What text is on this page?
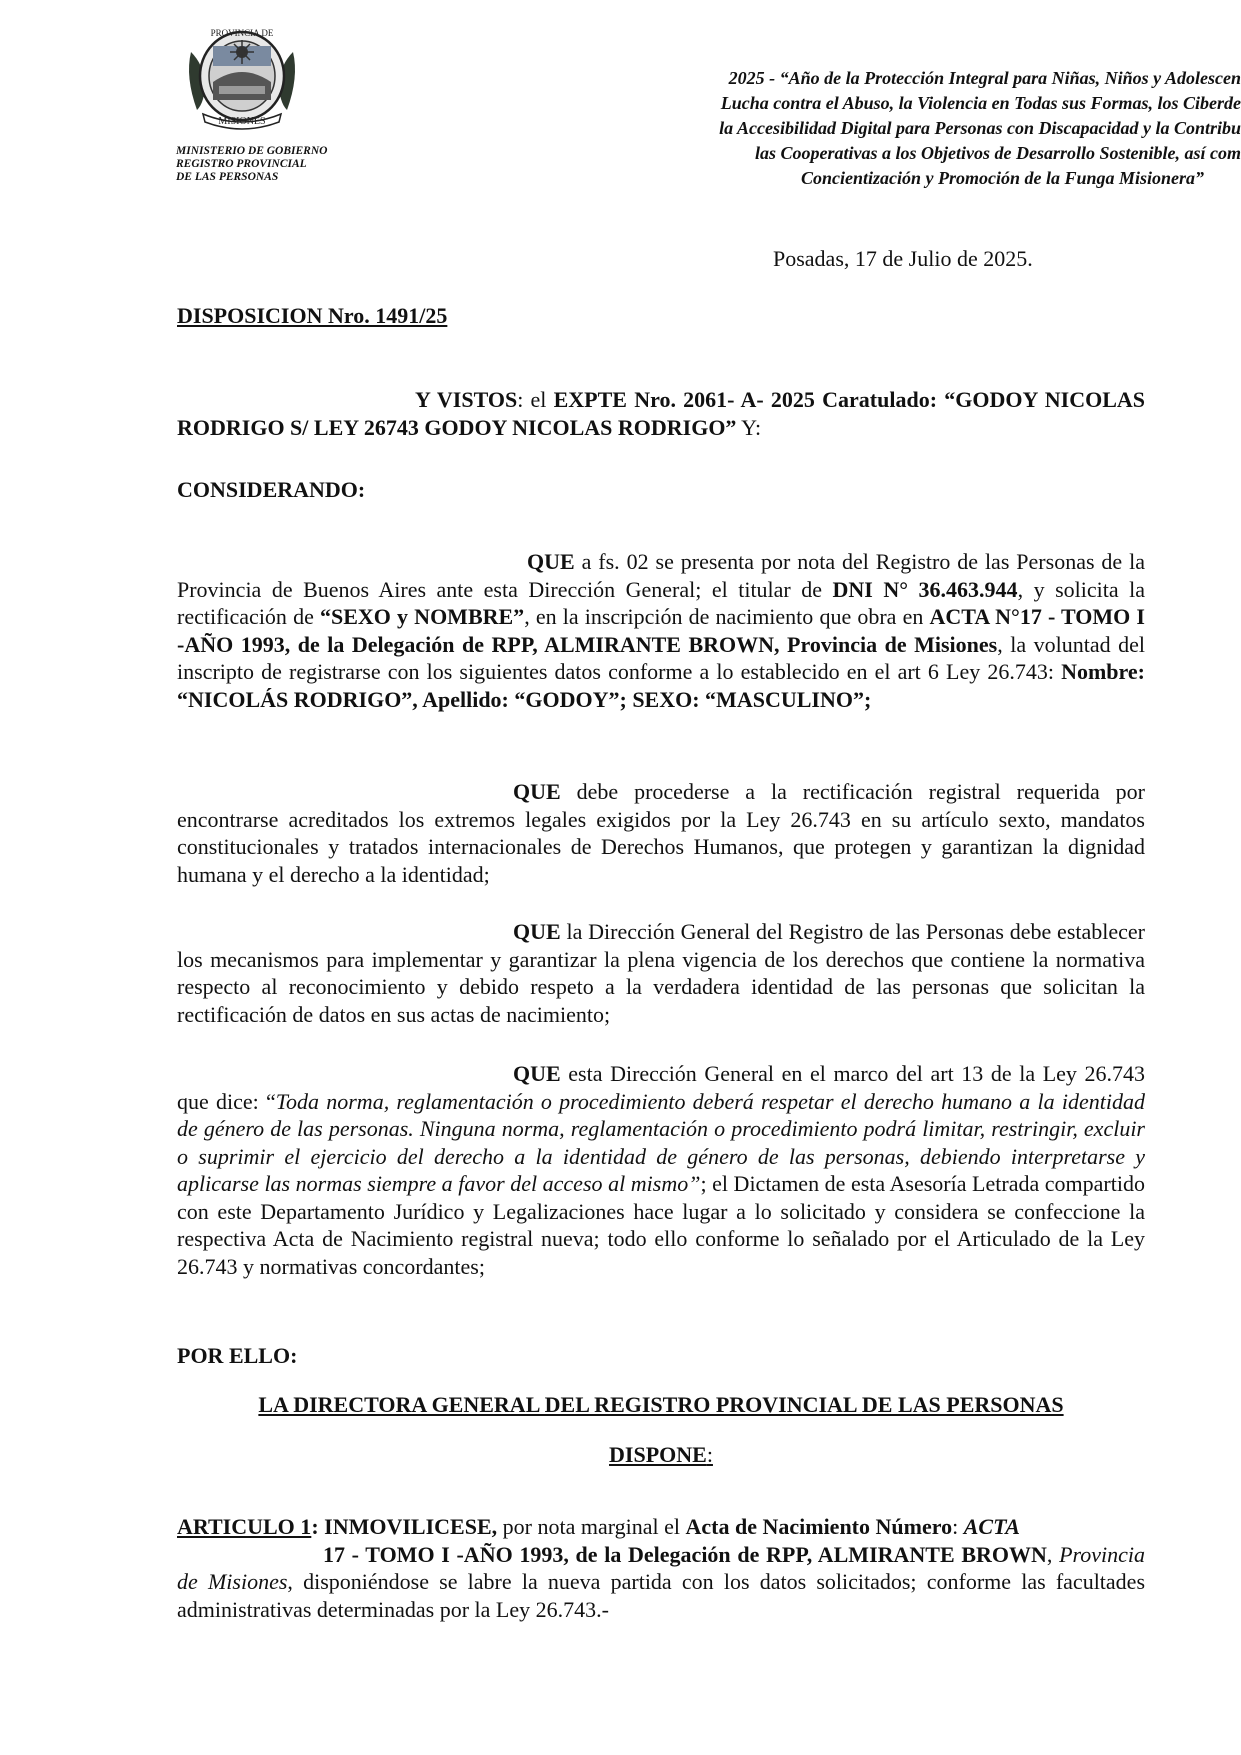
PROVINCIA DE
MISIONES
MINISTERIO DE GOBIERNO
REGISTRO PROVINCIAL
DE LAS PERSONAS
2025 - “Año de la Protección Integral para Niñas, Niños y Adolescen
Lucha contra el Abuso, la Violencia en Todas sus Formas, los Ciberde
la Accesibilidad Digital para Personas con Discapacidad y la Contribu
las Cooperativas a los Objetivos de Desarrollo Sostenible, así com
Concientización y Promoción de la Funga Misionera”
Posadas, 17 de Julio de 2025.
DISPOSICION Nro. 1491/25

Y VISTOS: el EXPTE Nro. 2061- A- 2025 Caratulado: “GODOY NICOLAS RODRIGO S/ LEY 26743 GODOY NICOLAS RODRIGO” Y:

CONSIDERANDO:

QUE a fs. 02 se presenta por nota del Registro de las Personas de la Provincia de Buenos Aires ante esta Dirección General; el titular de DNI N° 36.463.944, y solicita la rectificación de “SEXO y NOMBRE”, en la inscripción de nacimiento que obra en ACTA N°17 - TOMO I -AÑO 1993, de la Delegación de RPP, ALMIRANTE BROWN, Provincia de Misiones, la voluntad del inscripto de registrarse con los siguientes datos conforme a lo establecido en el art 6 Ley 26.743: Nombre: “NICOLÁS RODRIGO”, Apellido: “GODOY”; SEXO: “MASCULINO”;

QUE debe procederse a la rectificación registral requerida por encontrarse acreditados los extremos legales exigidos por la Ley 26.743 en su artículo sexto, mandatos constitucionales y tratados internacionales de Derechos Humanos, que protegen y garantizan la dignidad humana y el derecho a la identidad;

QUE la Dirección General del Registro de las Personas debe establecer los mecanismos para implementar y garantizar la plena vigencia de los derechos que contiene la normativa respecto al reconocimiento y debido respeto a la verdadera identidad de las personas que solicitan la rectificación de datos en sus actas de nacimiento;

QUE esta Dirección General en el marco del art 13 de la Ley 26.743 que dice: “Toda norma, reglamentación o procedimiento deberá respetar el derecho humano a la identidad de género de las personas. Ninguna norma, reglamentación o procedimiento podrá limitar, restringir, excluir o suprimir el ejercicio del derecho a la identidad de género de las personas, debiendo interpretarse y aplicarse las normas siempre a favor del acceso al mismo”; el Dictamen de esta Asesoría Letrada compartido con este Departamento Jurídico y Legalizaciones hace lugar a lo solicitado y considera se confeccione la respectiva Acta de Nacimiento registral nueva; todo ello conforme lo señalado por el Articulado de la Ley 26.743 y normativas concordantes;

POR ELLO:

LA DIRECTORA GENERAL DEL REGISTRO PROVINCIAL DE LAS PERSONAS
DISPONE:

ARTICULO 1: INMOVILICESE, por nota marginal el Acta de Nacimiento Número: ACTA
17 - TOMO I -AÑO 1993, de la Delegación de RPP, ALMIRANTE BROWN, Provincia de Misiones, disponiéndose se labre la nueva partida con los datos solicitados; conforme las facultades administrativas determinadas por la Ley 26.743.-
